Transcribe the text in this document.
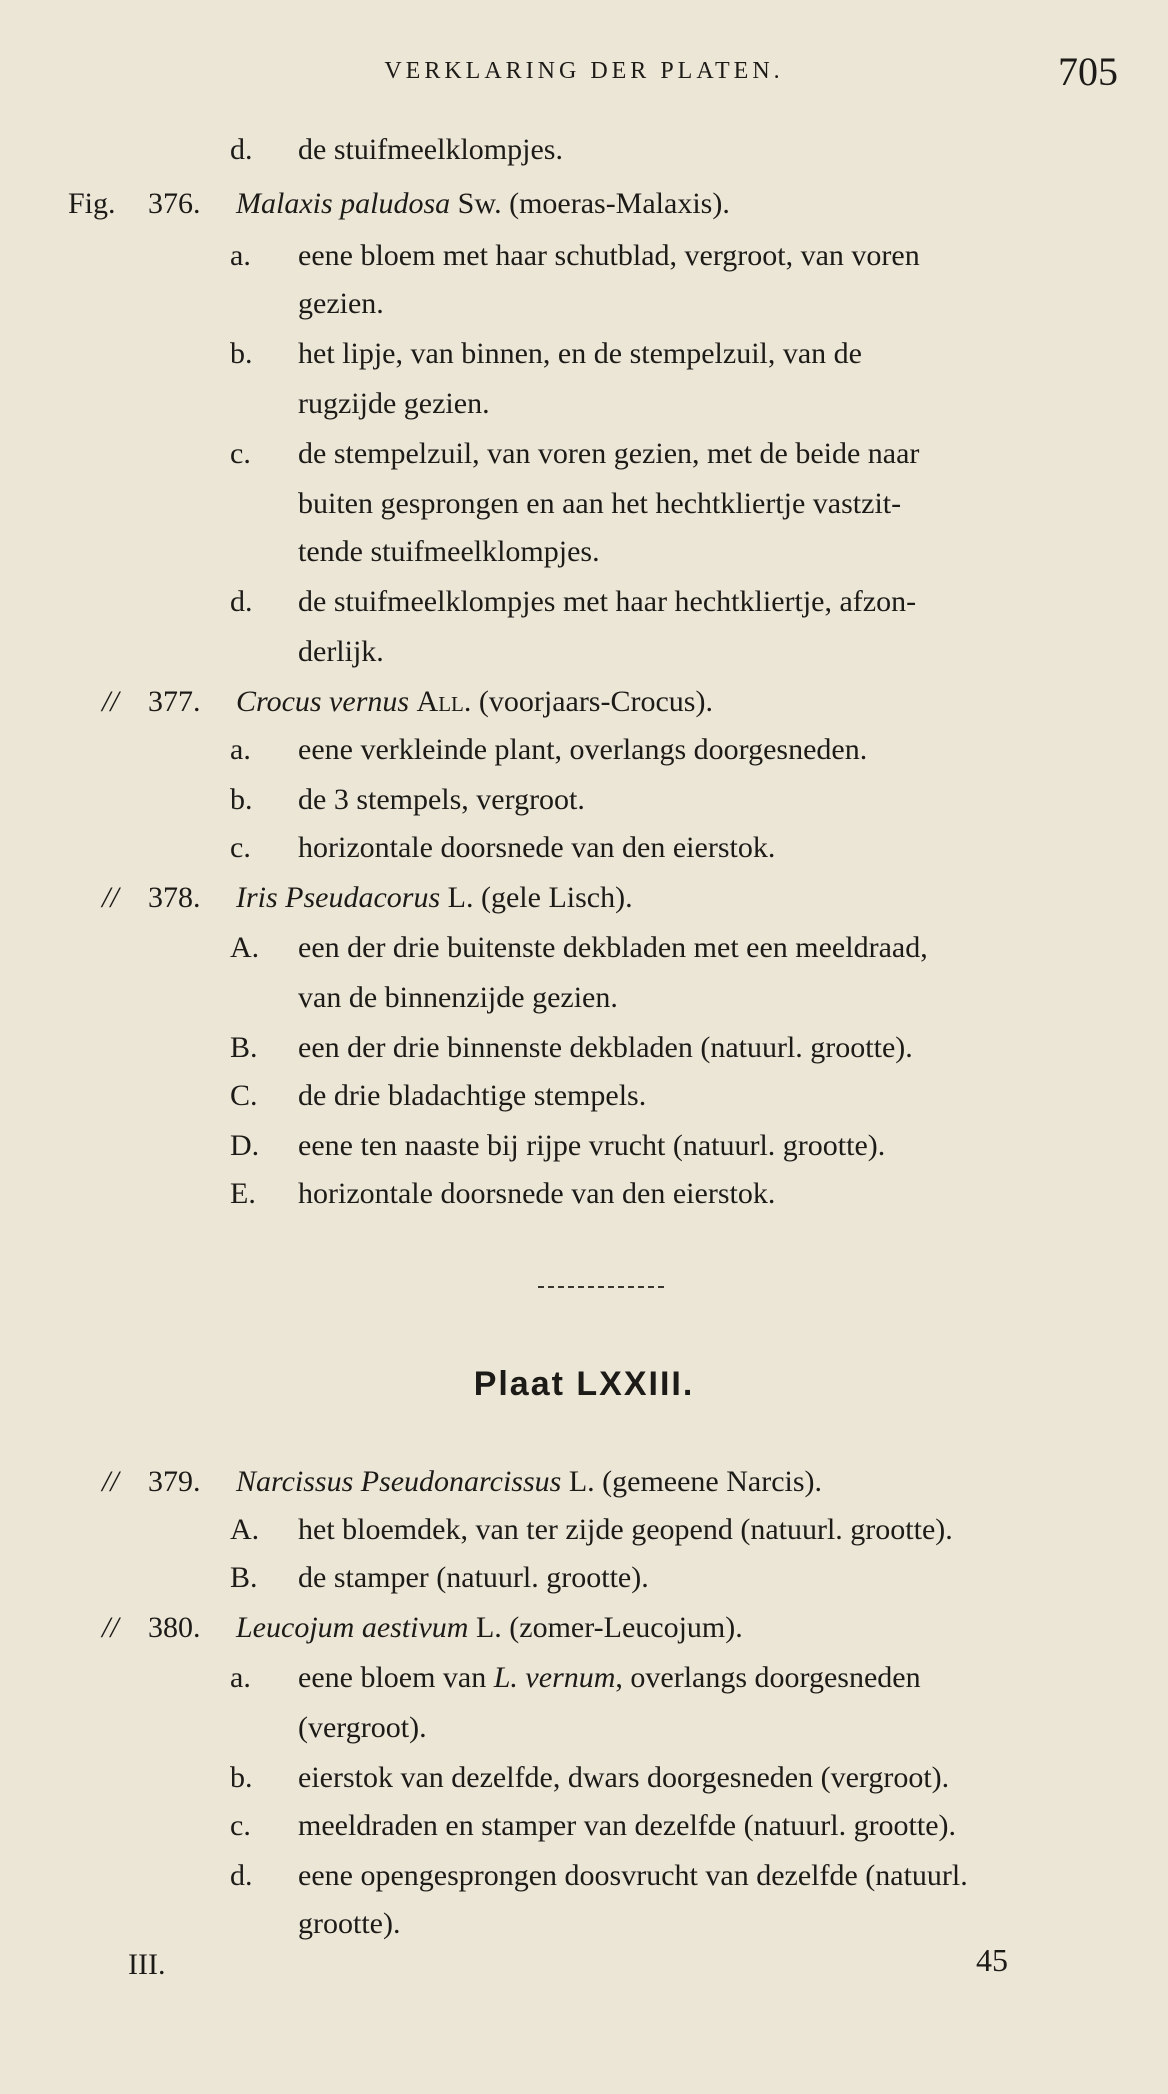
VERKLARING DER PLATEN.	705
d. de stuifmeelklompjes.
Fig. 376. Malaxis paludosa Sw. (moeras-Malaxis).
a. eene bloem met haar schutblad, vergroot, van voren
gezien.
b. het lipje, van binnen, en de stempelzuil, van de
rugzijde gezien.
c. de stempelzuil, van voren gezien, met de beide naar
buiten gesprongen en aan het hechtkliertje vastzit-
tende stuifmeelklompjes.
d. de stuifmeelklompjes met haar hechtkliertje, afzon-
derlijk.
// 377. Crocus vernus All. (voorjaars-Crocus).
a. eene verkleinde plant, overlangs doorgesneden.
b. de 3 stempels, vergroot.
c. horizontale doorsnede van den eierstok.
// 378. Iris Pseudacorus L. (gele Lisch).
A. een der drie buitenste dekbladen met een meeldraad,
van de binnenzijde gezien.
B. een der drie binnenste dekbladen (natuurl. grootte).
C. de drie bladachtige stempels.
D. eene ten naaste bij rijpe vrucht (natuurl. grootte).
E. horizontale doorsnede van den eierstok.
// 379. Narcissus Pseudonarcissus L. (gemeene Narcis).
A. het bloemdek, van ter zijde geopend (natuurl. grootte).
B. de stamper (natuurl. grootte).
// 380. Leucojum aestivum L. (zomer-Leucojum).
a. eene bloem van L. vernum, overlangs doorgesneden
(vergroot).
b. eierstok van dezelfde, dwars doorgesneden (vergroot).
c. meeldraden en stamper van dezelfde (natuurl. grootte).
d. eene opengesprongen doosvrucht van dezelfde (natuurl.
grootte).
Plaat LXXIII.
III.	45
